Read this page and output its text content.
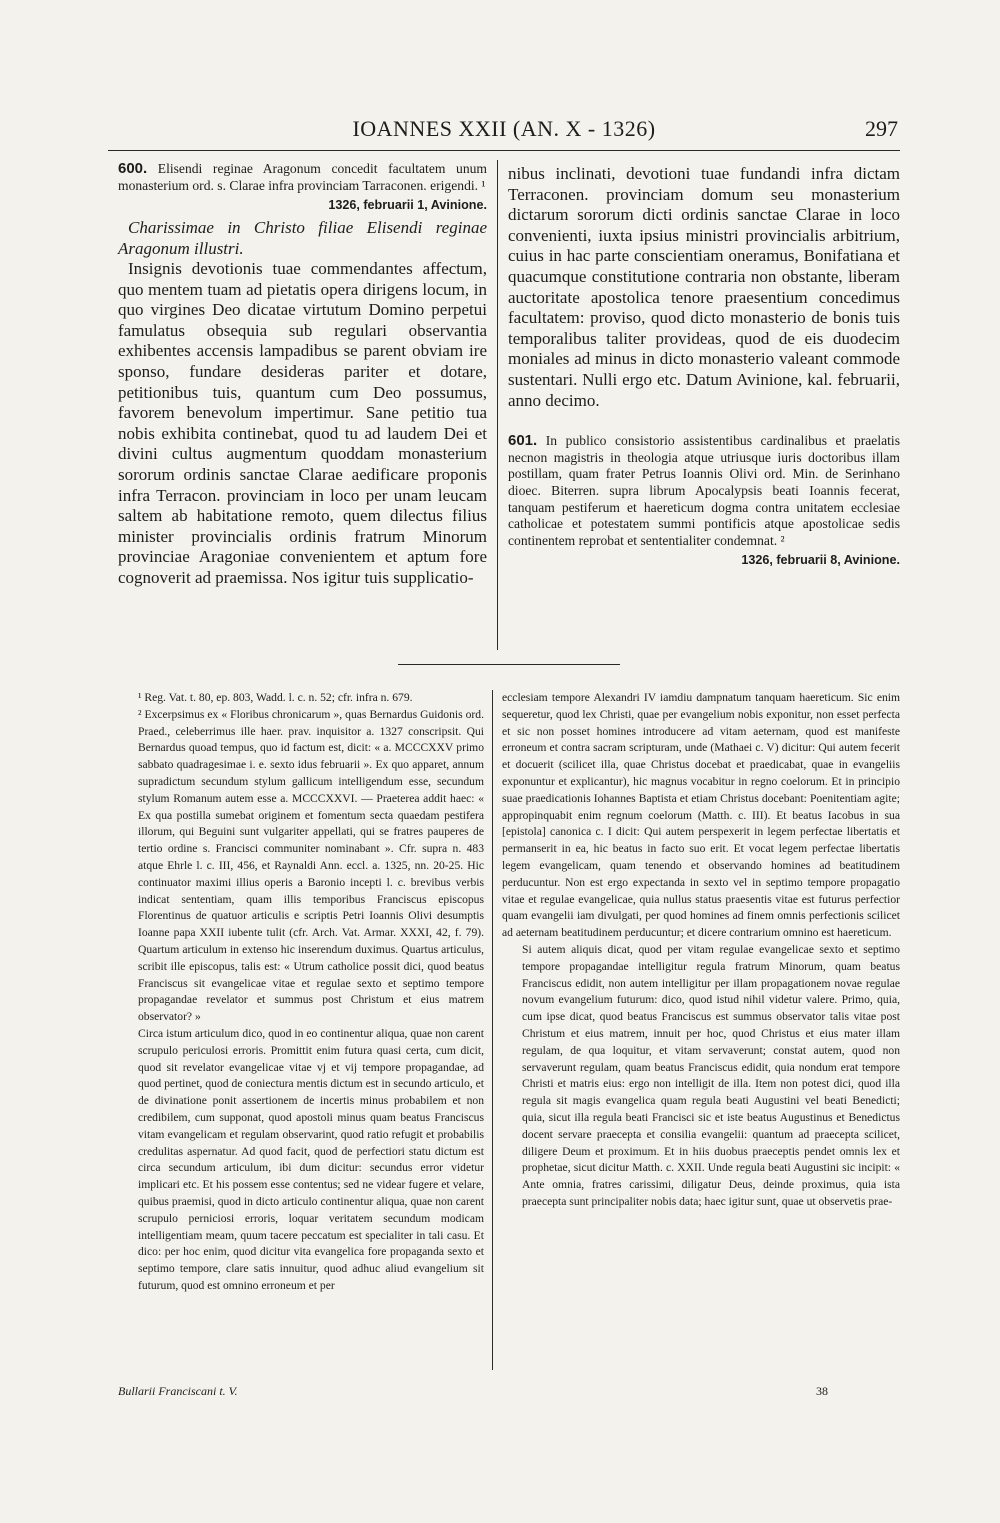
IOANNES XXII (AN. X - 1326)	297

600. Elisendi reginae Aragonum concedit facultatem unum monasterium ord. s. Clarae infra provinciam Tarraconen. erigendi. ¹

1326, februarii 1, Avinione.

Charissimae in Christo filiae Elisendi reginae Aragonum illustri.

Insignis devotionis tuae commendantes affectum, quo mentem tuam ad pietatis opera dirigens locum, in quo virgines Deo dicatae virtutum Domino perpetui famulatus obsequia sub regulari observantia exhibentes accensis lampadibus se parent obviam ire sponso, fundare desideras pariter et dotare, petitionibus tuis, quantum cum Deo possumus, favorem benevolum impertimur. Sane petitio tua nobis exhibita continebat, quod tu ad laudem Dei et divini cultus augmentum quoddam monasterium sororum ordinis sanctae Clarae aedificare proponis infra Terracon. provinciam in loco per unam leucam saltem ab habitatione remoto, quem dilectus filius minister provincialis ordinis fratrum Minorum provinciae Aragoniae convenientem et aptum fore cognoverit ad praemissa. Nos igitur tuis supplicatio-

nibus inclinati, devotioni tuae fundandi infra dictam Terraconen. provinciam domum seu monasterium dictarum sororum dicti ordinis sanctae Clarae in loco convenienti, iuxta ipsius ministri provincialis arbitrium, cuius in hac parte conscientiam oneramus, Bonifatiana et quacumque constitutione contraria non obstante, liberam auctoritate apostolica tenore praesentium concedimus facultatem: proviso, quod dicto monasterio de bonis tuis temporalibus taliter provideas, quod de eis duodecim moniales ad minus in dicto monasterio valeant commode sustentari. Nulli ergo etc. Datum Avinione, kal. februarii, anno decimo.

601. In publico consistorio assistentibus cardinalibus et praelatis necnon magistris in theologia atque utriusque iuris doctoribus illam postillam, quam frater Petrus Ioannis Olivi ord. Min. de Serinhano dioec. Biterren. supra librum Apocalypsis beati Ioannis fecerat, tanquam pestiferum et haereticum dogma contra unitatem ecclesiae catholicae et potestatem summi pontificis atque apostolicae sedis continentem reprobat et sententialiter condemnat. ²

1326, februarii 8, Avinione.

¹ Reg. Vat. t. 80, ep. 803, Wadd. l. c. n. 52; cfr. infra n. 679.

² Excerpsimus ex « Floribus chronicarum », quas Bernardus Guidonis ord. Praed., celeberrimus ille haer. prav. inquisitor a. 1327 conscripsit. Qui Bernardus quoad tempus, quo id factum est, dicit: « a. MCCCXXV primo sabbato quadragesimae i. e. sexto idus februarii ». Ex quo apparet, annum supradictum secundum stylum gallicum intelligendum esse, secundum stylum Romanum autem esse a. MCCCXXVI. — Praeterea addit haec: « Ex qua postilla sumebat originem et fomentum secta quaedam pestifera illorum, qui Beguini sunt vulgariter appellati, qui se fratres pauperes de tertio ordine s. Francisci communiter nominabant ». Cfr. supra n. 483 atque Ehrle l. c. III, 456, et Raynaldi Ann. eccl. a. 1325, nn. 20-25. Hic continuator maximi illius operis a Baronio incepti l. c. brevibus verbis indicat sententiam, quam illis temporibus Franciscus episcopus Florentinus de quatuor articulis e scriptis Petri Ioannis Olivi desumptis Ioanne papa XXII iubente tulit (cfr. Arch. Vat. Armar. XXXI, 42, f. 79). Quartum articulum in extenso hic inserendum duximus. Quartus articulus, scribit ille episcopus, talis est: « Utrum catholice possit dici, quod beatus Franciscus sit evangelicae vitae et regulae sexto et septimo tempore propagandae revelator et summus post Christum et eius matrem observator? »

Circa istum articulum dico, quod in eo continentur aliqua, quae non carent scrupulo periculosi erroris. Promittit enim futura quasi certa, cum dicit, quod sit revelator evangelicae vitae vj et vij tempore propagandae, ad quod pertinet, quod de coniectura mentis dictum est in secundo articulo, et de divinatione ponit assertionem de incertis minus probabilem et non credibilem, cum supponat, quod apostoli minus quam beatus Franciscus vitam evangelicam et regulam observarint, quod ratio refugit et probabilis credulitas aspernatur. Ad quod facit, quod de perfectiori statu dictum est circa secundum articulum, ibi dum dicitur: secundus error videtur implicari etc. Et his possem esse contentus; sed ne videar fugere et velare, quibus praemisi, quod in dicto articulo continentur aliqua, quae non carent scrupulo perniciosi erroris, loquar veritatem secundum modicam intelligentiam meam, quum tacere peccatum est specialiter in tali casu. Et dico: per hoc enim, quod dicitur vita evangelica fore propaganda sexto et septimo tempore, clare satis innuitur, quod adhuc aliud evangelium sit futurum, quod est omnino erroneum et per

ecclesiam tempore Alexandri IV iamdiu dampnatum tanquam haereticum. Sic enim sequeretur, quod lex Christi, quae per evangelium nobis exponitur, non esset perfecta et sic non posset homines introducere ad vitam aeternam, quod est manifeste erroneum et contra sacram scripturam, unde (Mathaei c. V) dicitur: Qui autem fecerit et docuerit (scilicet illa, quae Christus docebat et praedicabat, quae in evangeliis exponuntur et explicantur), hic magnus vocabitur in regno coelorum. Et in principio suae praedicationis Iohannes Baptista et etiam Christus docebant: Poenitentiam agite; appropinquabit enim regnum coelorum (Matth. c. III). Et beatus Iacobus in sua [epistola] canonica c. I dicit: Qui autem perspexerit in legem perfectae libertatis et permanserit in ea, hic beatus in facto suo erit. Et vocat legem perfectae libertatis legem evangelicam, quam tenendo et observando homines ad beatitudinem perducuntur. Non est ergo expectanda in sexto vel in septimo tempore propagatio vitae et regulae evangelicae, quia nullus status praesentis vitae est futurus perfectior quam evangelii iam divulgati, per quod homines ad finem omnis perfectionis scilicet ad aeternam beatitudinem perducuntur; et dicere contrarium omnino est haereticum.

Si autem aliquis dicat, quod per vitam regulae evangelicae sexto et septimo tempore propagandae intelligitur regula fratrum Minorum, quam beatus Franciscus edidit, non autem intelligitur per illam propagationem novae regulae novum evangelium futurum: dico, quod istud nihil videtur valere. Primo, quia, cum ipse dicat, quod beatus Franciscus est summus observator talis vitae post Christum et eius matrem, innuit per hoc, quod Christus et eius mater illam regulam, de qua loquitur, et vitam servaverunt; constat autem, quod non servaverunt regulam, quam beatus Franciscus edidit, quia nondum erat tempore Christi et matris eius: ergo non intelligit de illa. Item non potest dici, quod illa regula sit magis evangelica quam regula beati Augustini vel beati Benedicti; quia, sicut illa regula beati Francisci sic et iste beatus Augustinus et Benedictus docent servare praecepta et consilia evangelii: quantum ad praecepta scilicet, diligere Deum et proximum. Et in hiis duobus praeceptis pendet omnis lex et prophetae, sicut dicitur Matth. c. XXII. Unde regula beati Augustini sic incipit: « Ante omnia, fratres carissimi, diligatur Deus, deinde proximus, quia ista praecepta sunt principaliter nobis data; haec igitur sunt, quae ut observetis prae-

Bullarii Franciscani t. V.	38
